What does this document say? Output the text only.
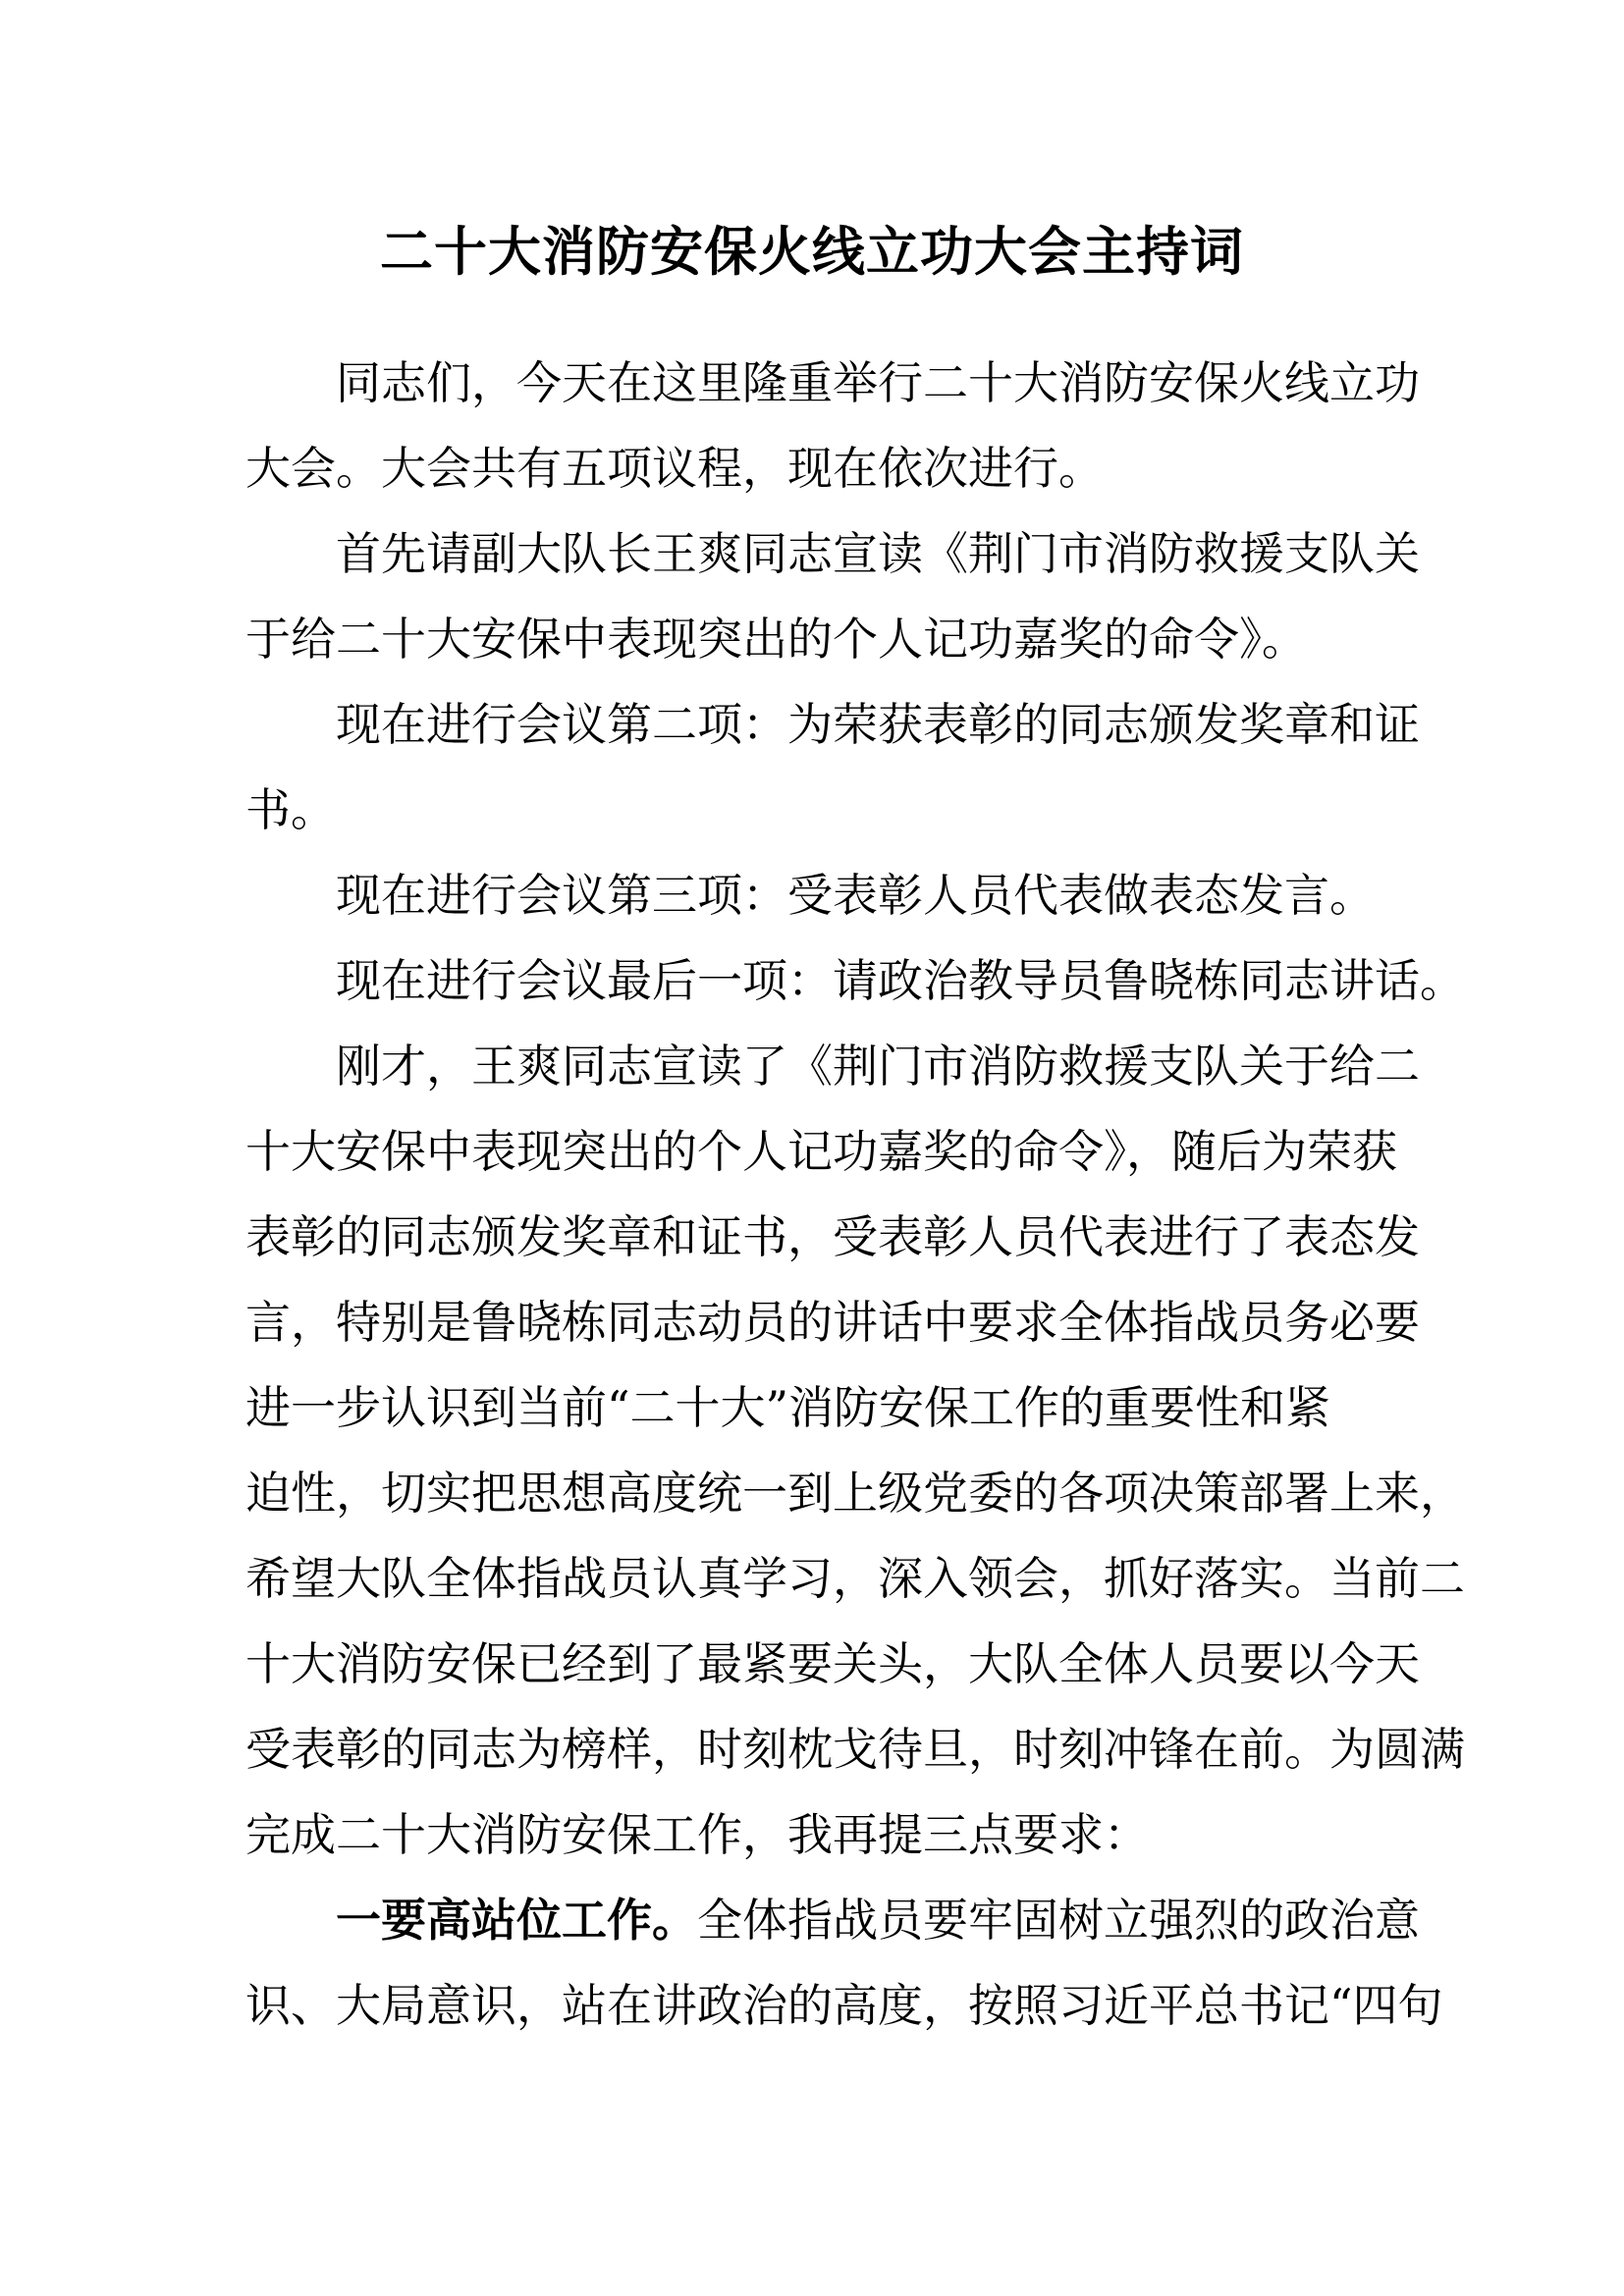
二十大消防安保火线立功大会主持词
同志们，今天在这里隆重举行二十大消防安保火线立功
大会。大会共有五项议程，现在依次进行。
首先请副大队长王爽同志宣读《荆门市消防救援支队关
于给二十大安保中表现突出的个人记功嘉奖的命令》。
现在进行会议第二项：为荣获表彰的同志颁发奖章和证
书。
现在进行会议第三项：受表彰人员代表做表态发言。
现在进行会议最后一项：请政治教导员鲁晓栋同志讲话。
刚才，王爽同志宣读了《荆门市消防救援支队关于给二
十大安保中表现突出的个人记功嘉奖的命令》，随后为荣获
表彰的同志颁发奖章和证书，受表彰人员代表进行了表态发
言，特别是鲁晓栋同志动员的讲话中要求全体指战员务必要
进一步认识到当前“二十大”消防安保工作的重要性和紧
迫性，切实把思想高度统一到上级党委的各项决策部署上来，
希望大队全体指战员认真学习，深入领会，抓好落实。当前二
十大消防安保已经到了最紧要关头，大队全体人员要以今天
受表彰的同志为榜样，时刻枕戈待旦，时刻冲锋在前。为圆满
完成二十大消防安保工作，我再提三点要求：
一要高站位工作。全体指战员要牢固树立强烈的政治意
识、大局意识，站在讲政治的高度，按照习近平总书记“四句
